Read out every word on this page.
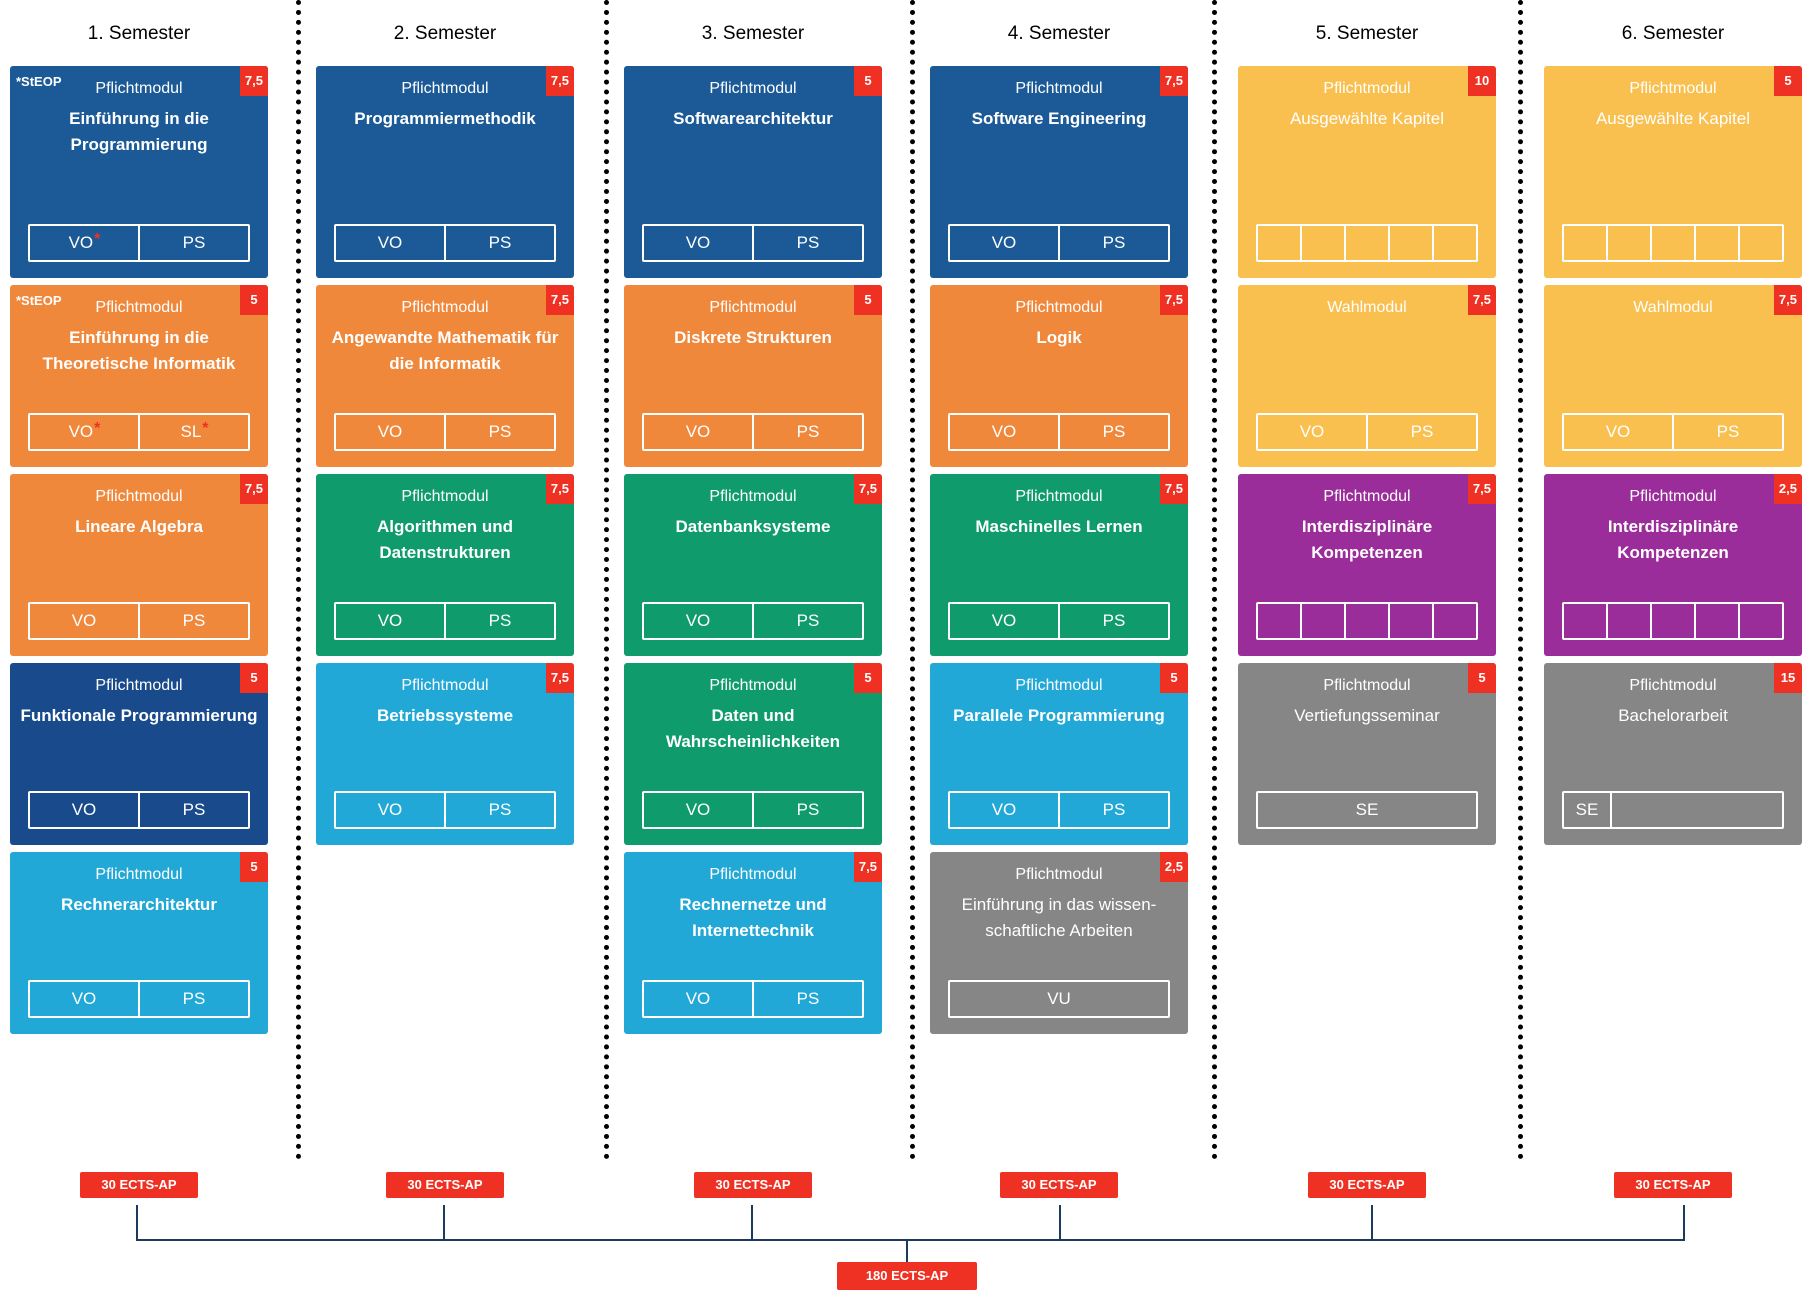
1. Semester
*StEOP	7,5
Pflichtmodul
Einführung in die Programmierung
VO*	PS
*StEOP	5
Pflichtmodul
Einführung in die Theoretische Informatik
VO*	SL*
7,5
Pflichtmodul
Lineare Algebra
VO	PS
5
Pflichtmodul
Funktionale Programmierung
VO	PS
5
Pflichtmodul
Rechnerarchitektur
VO	PS
30 ECTS-AP
2. Semester
7,5
Pflichtmodul
Programmiermethodik
VO	PS
7,5
Pflichtmodul
Angewandte Mathematik für die Informatik
VO	PS
7,5
Pflichtmodul
Algorithmen und Datenstrukturen
VO	PS
7,5
Pflichtmodul
Betriebssysteme
VO	PS
30 ECTS-AP
3. Semester
5
Pflichtmodul
Softwarearchitektur
VO	PS
5
Pflichtmodul
Diskrete Strukturen
VO	PS
7,5
Pflichtmodul
Datenbanksysteme
VO	PS
5
Pflichtmodul
Daten und Wahrscheinlichkeiten
VO	PS
7,5
Pflichtmodul
Rechnernetze und Internettechnik
VO	PS
30 ECTS-AP
4. Semester
7,5
Pflichtmodul
Software Engineering
VO	PS
7,5
Pflichtmodul
Logik
VO	PS
7,5
Pflichtmodul
Maschinelles Lernen
VO	PS
5
Pflichtmodul
Parallele Programmierung
VO	PS
2,5
Pflichtmodul
Einführung in das wissen- schaftliche Arbeiten
VU
30 ECTS-AP
5. Semester
10
Pflichtmodul
Ausgewählte Kapitel
7,5
Wahlmodul
VO	PS
7,5
Pflichtmodul
Interdisziplinäre Kompetenzen
5
Pflichtmodul
Vertiefungsseminar
SE
30 ECTS-AP
6. Semester
5
Pflichtmodul
Ausgewählte Kapitel
7,5
Wahlmodul
VO	PS
2,5
Pflichtmodul
Interdisziplinäre Kompetenzen
15
Pflichtmodul
Bachelorarbeit
SE
30 ECTS-AP
180 ECTS-AP
